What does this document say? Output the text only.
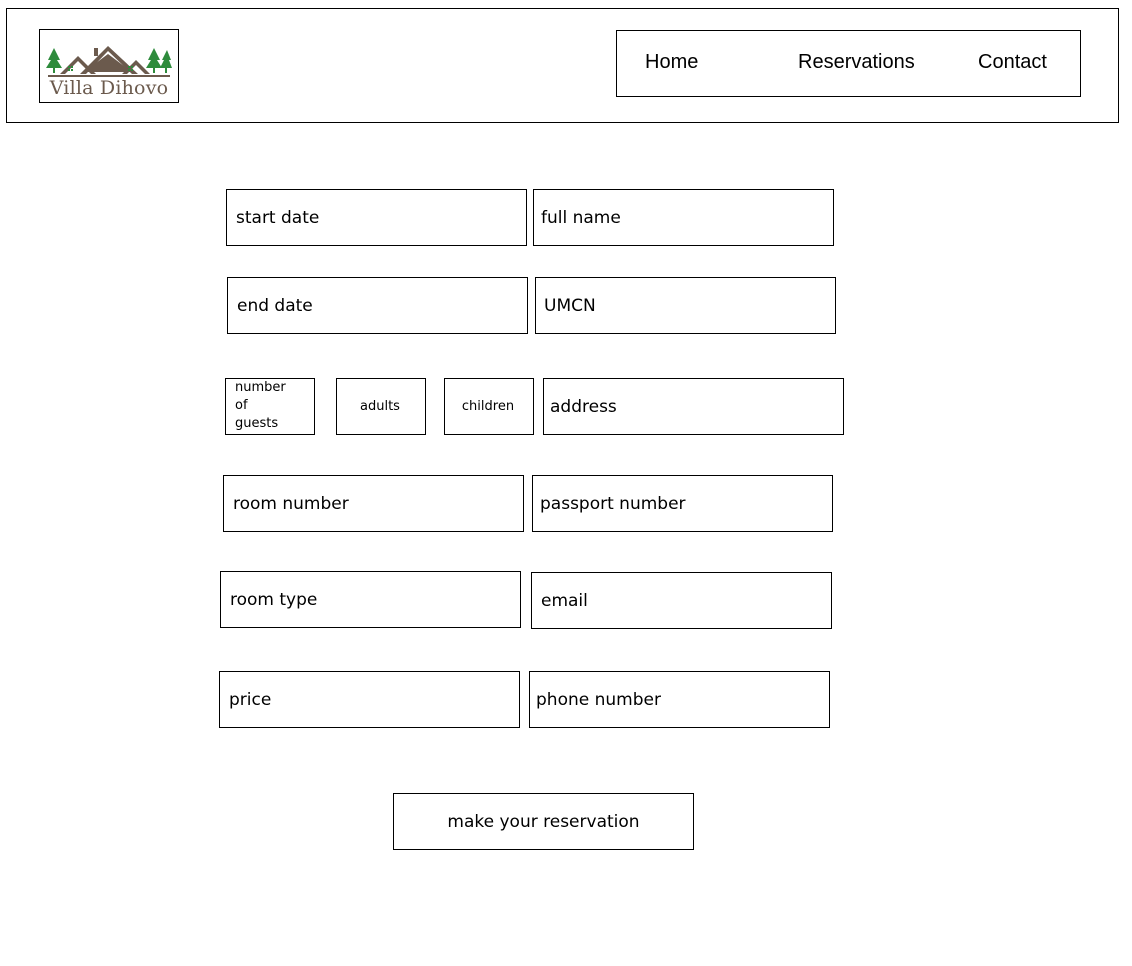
Villa Dihovo
Home	Reservations	Contact
start date
full name
end date
UMCN
number
of
guests
adults
children
address
room number
passport number
room type
email
price
phone number
make your reservation
